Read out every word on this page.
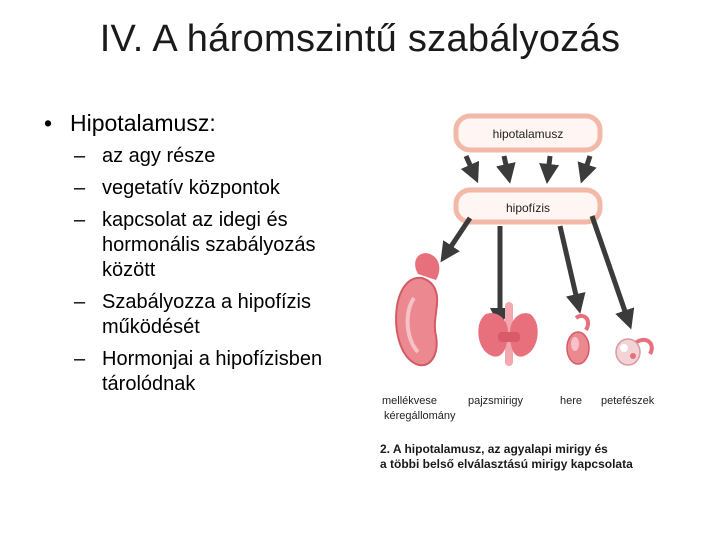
IV. A háromszintű szabályozás
• Hipotalamusz:
– az agy része
– vegetatív központok
– kapcsolat az idegi és
hormonális szabályozás
között
– Szabályozza a hipofízis
működését
– Hormonjai a hipofízisben
tárolódnak
hipotalamusz
hipofízis
mellékvese
kéregállomány
pajzsmirigy	here petefészek
2. A hipotalamusz, az agyalapi mirigy és
a többi belső elválasztású mirigy kapcsolata
